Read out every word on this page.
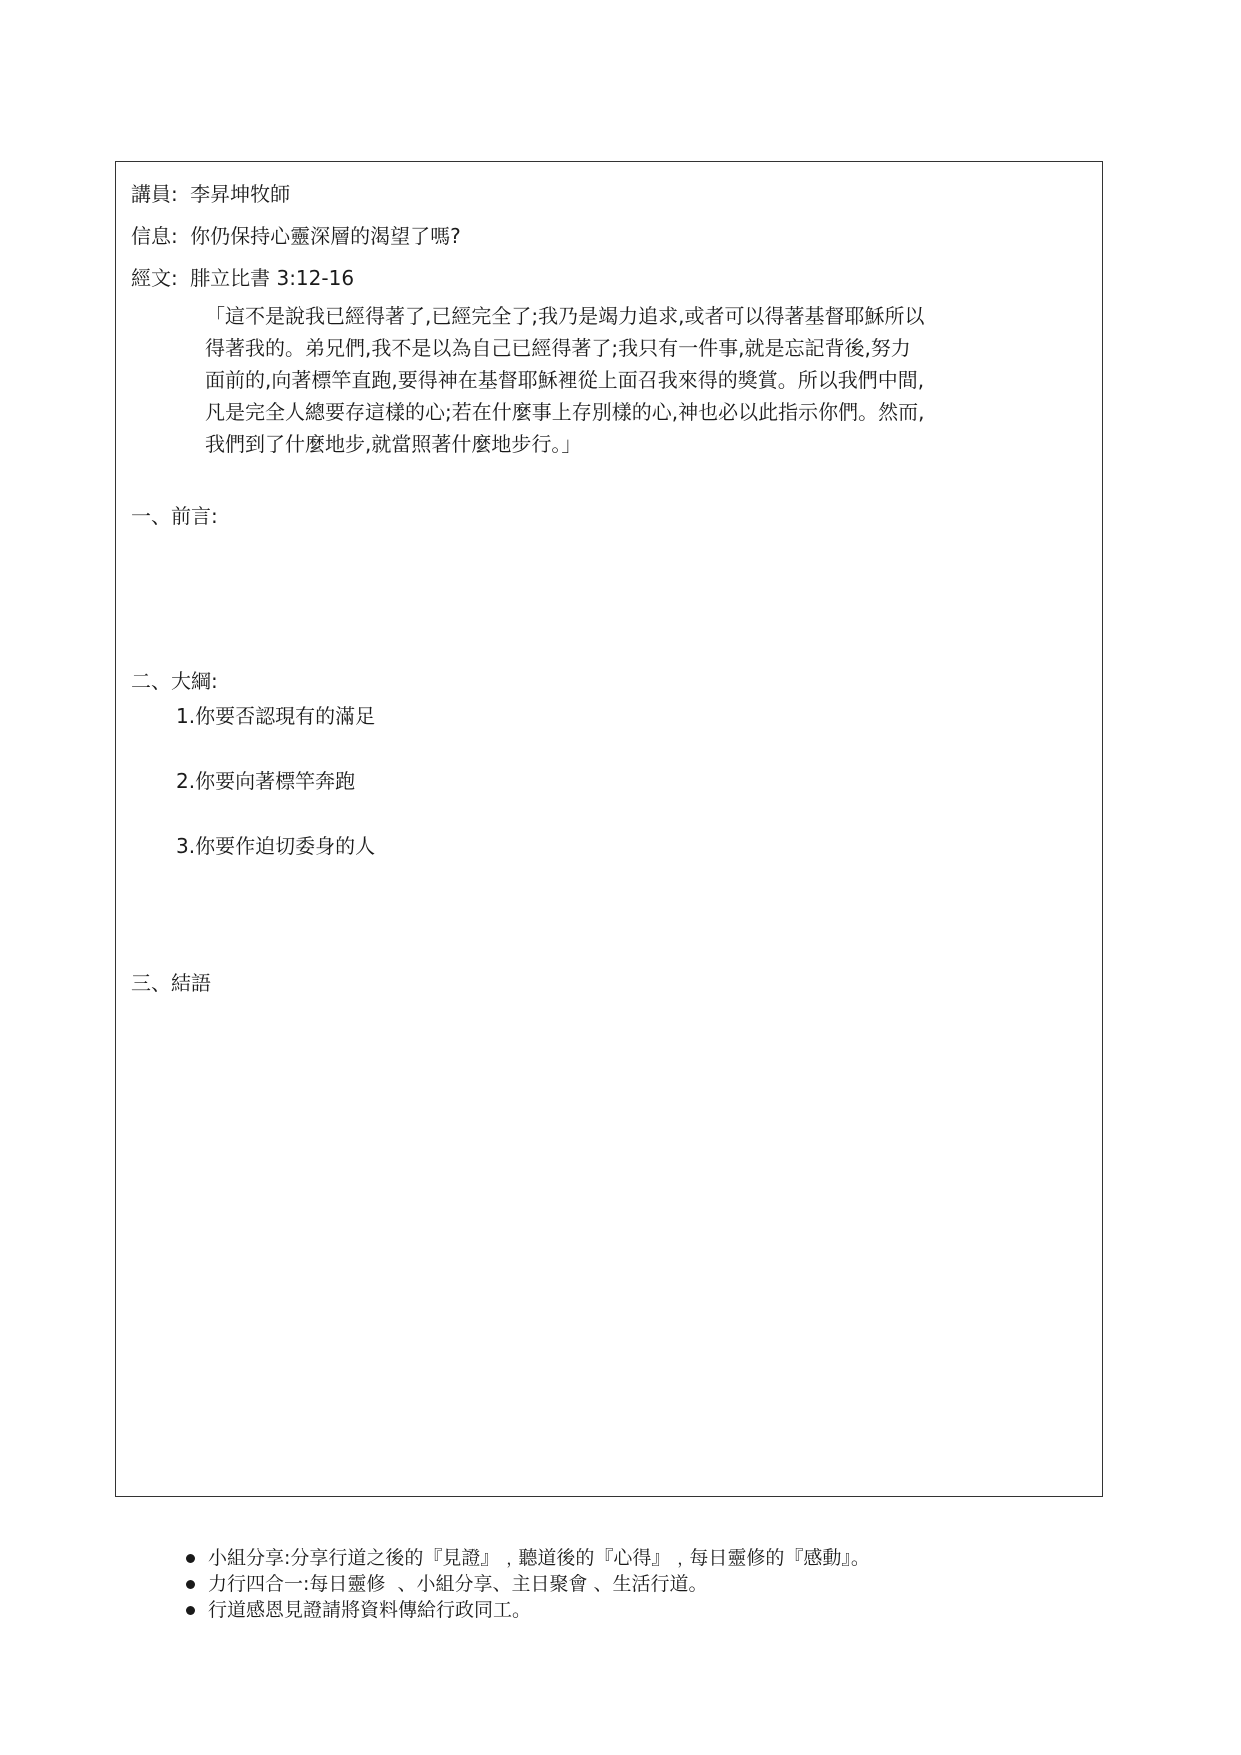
講員: 李昇坤牧師
信息: 你仍保持心靈深層的渴望了嗎?
經文: 腓立比書 3:12-16
「這不是說我已經得著了,已經完全了;我乃是竭力追求,或者可以得著基督耶穌所以
得著我的。弟兄們,我不是以為自己已經得著了;我只有一件事,就是忘記背後,努力
面前的,向著標竿直跑,要得神在基督耶穌裡從上面召我來得的獎賞。所以我們中間,
凡是完全人總要存這樣的心;若在什麼事上存別樣的心,神也必以此指示你們。然而,
我們到了什麼地步,就當照著什麼地步行。」
一、前言:
二、大綱:
1.你要否認現有的滿足
2.你要向著標竿奔跑
3.你要作迫切委身的人
三、結語
小組分享:分享行道之後的『見證』﹐聽道後的『心得』﹐每日靈修的『感動』。
力行四合一:每日靈修  、小組分享、主日聚會 、生活行道。
行道感恩見證請將資料傳給行政同工。
